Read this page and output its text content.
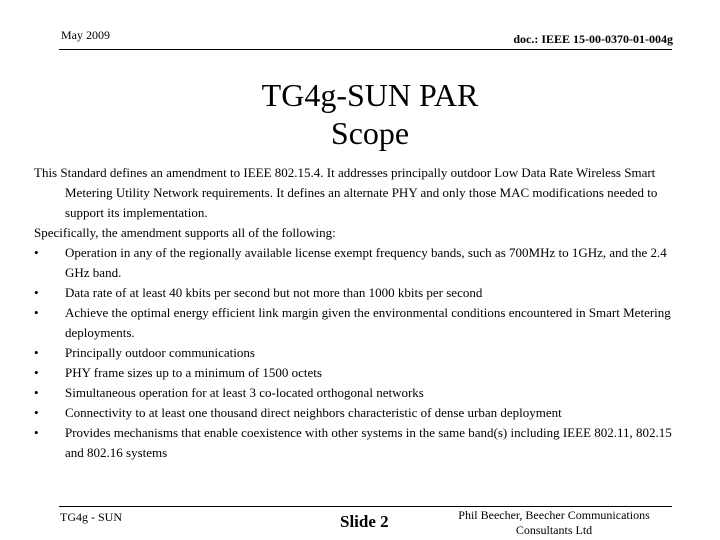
May 2009	doc.: IEEE 15-00-0370-01-004g
TG4g-SUN PAR
Scope

This Standard defines an amendment to IEEE 802.15.4. It addresses principally outdoor Low Data Rate Wireless Smart Metering Utility Network requirements. It defines an alternate PHY and only those MAC modifications needed to support its implementation.

Specifically, the amendment supports all of the following:

•	Operation in any of the regionally available license exempt frequency bands, such as 700MHz to 1GHz, and the 2.4 GHz band.
•	Data rate of at least 40 kbits per second but not more than 1000 kbits per second
•	Achieve the optimal energy efficient link margin given the environmental conditions encountered in Smart Metering deployments.
•	Principally outdoor communications
•	PHY frame sizes up to a minimum of 1500 octets
•	Simultaneous operation for at least 3 co-located orthogonal networks
•	Connectivity to at least one thousand direct neighbors characteristic of dense urban deployment
•	Provides mechanisms that enable coexistence with other systems in the same band(s) including IEEE 802.11, 802.15 and 802.16 systems
TG4g - SUN	Slide 2	Phil Beecher, Beecher Communications
Consultants Ltd
